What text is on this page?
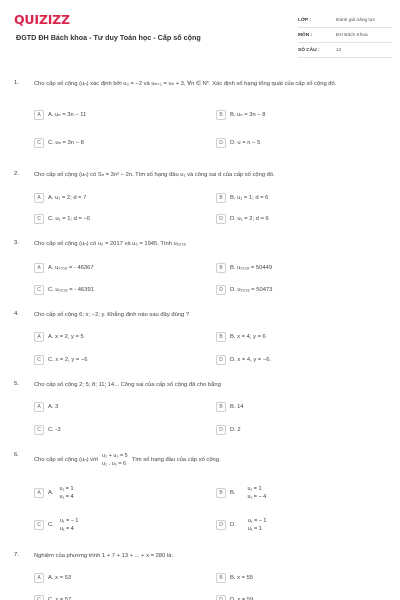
QUIZIZZ
ĐGTD ĐH Bách khoa - Tư duy Toán học - Cấp số cộng
LỚP :	Đánh giá năng lực
MÔN :	ĐH Bách Khoa
SỐ CÂU :	12
1.	Cho cấp số cộng (uₙ) xác định bởi u₃ = −2 và uₙ₊₁ = uₙ + 3, ∀n ∈ N*. Xác định số hạng tổng quát của cấp số cộng đó.
A	A. uₙ = 3n − 11	B	B. uₙ = 3n − 8
C	C. uₙ = 3n − 8	D	D. u = n − 5
2.	Cho cấp số cộng (uₙ) có Sₙ = 3n² − 2n. Tìm số hạng đầu u₁ và công sai d của cấp số cộng đó.
A	A. u₁ = 2; d = 7	B	B. u₁ = 1; d = 6
C	C. u₁ = 1; d = −6	D	D. u₁ = 2; d = 6
3.	Cho cấp số cộng (uₙ) có u₂ = 2017 và u₅ = 1945. Tính u₂₀₁₈
A	A. u₂₀₁₈ = - 46367	B	B. u₂₀₁₈ = 50449
C	C. u₂₀₁₈ = - 46391	D	D. u₂₀₁₈ = 50473
4.	Cho cấp số cộng 6; x; −2; y. Khẳng định nào sau đây đúng ?
A	A. x = 2, y = 5	B	B. x = 4, y = 6
C	C. x = 2, y = −6	D	D. x = 4, y = −6.
5.	Cho cấp số cộng 2; 5; 8; 11; 14... Công sai của cấp số cộng đã cho bằng
A	A. 3	B	B. 14
C	C. -3	D	D. 2
6.
Cho cấp số cộng (uₙ) với
u₂ + u₅ = 5
u₂ . u₅ = 6
Tìm số hạng đầu của cấp số cộng.
A	A.
u₁ = 1
u₁ = 4
B	B.
u₁ = 1
u₁ = − 4
C	C.
u₁ = − 1
u₁ = 4
D	D.
u₁ = − 1
u₁ = 1
7.	Nghiệm của phương trình 1 + 7 + 13 + ... + x = 280 là:
A	A. x = 53	B	B. x = 55
C	C. x = 57	D	D. x = 59
